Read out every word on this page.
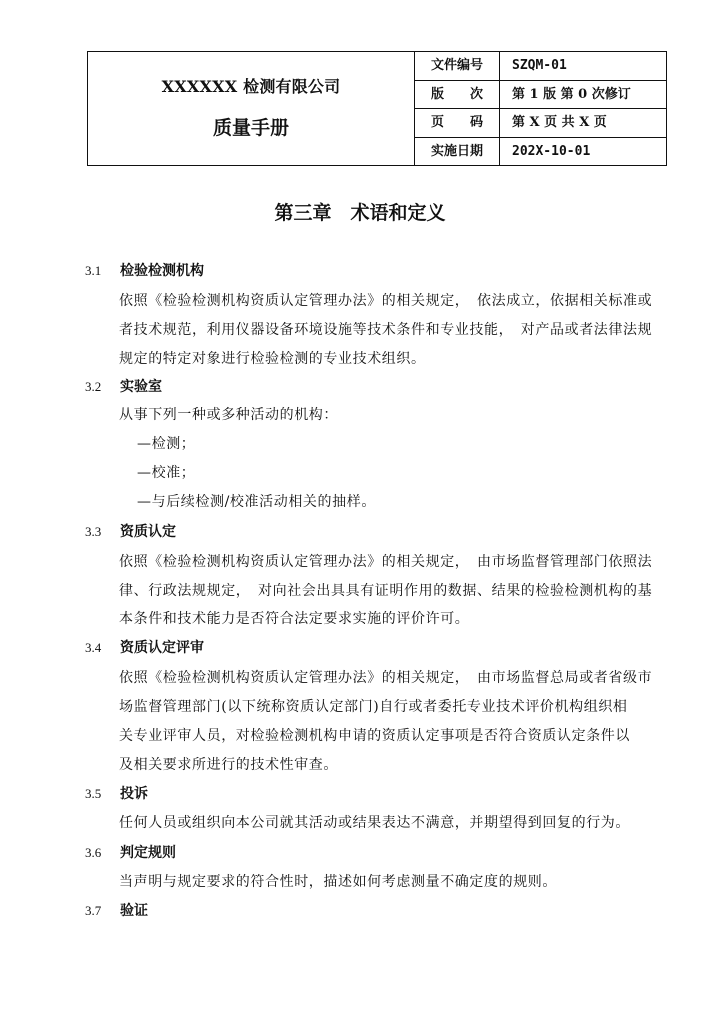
XXXXXX 检测有限公司
质量手册	文件编号	SZQM-01
	版　　次	第 1 版 第 0 次修订
	页　　码	第 X 页 共 X 页
	实施日期	202X-10-01
第三章　术语和定义
3.1	检验检测机构
依照《检验检测机构资质认定管理办法》的相关规定，　依法成立，依据相关标准或
者技术规范，利用仪器设备环境设施等技术条件和专业技能，　对产品或者法律法规
规定的特定对象进行检验检测的专业技术组织。
3.2	实验室
从事下列一种或多种活动的机构：
—检测；
—校准；
—与后续检测/校准活动相关的抽样。
3.3	资质认定
依照《检验检测机构资质认定管理办法》的相关规定，　由市场监督管理部门依照法
律、行政法规规定，　对向社会出具具有证明作用的数据、结果的检验检测机构的基
本条件和技术能力是否符合法定要求实施的评价许可。
3.4	资质认定评审
依照《检验检测机构资质认定管理办法》的相关规定，　由市场监督总局或者省级市
场监督管理部门(以下统称资质认定部门)自行或者委托专业技术评价机构组织相
关专业评审人员，对检验检测机构申请的资质认定事项是否符合资质认定条件以
及相关要求所进行的技术性审查。
3.5	投诉
任何人员或组织向本公司就其活动或结果表达不满意，并期望得到回复的行为。
3.6	判定规则
当声明与规定要求的符合性时，描述如何考虑测量不确定度的规则。
3.7	验证
